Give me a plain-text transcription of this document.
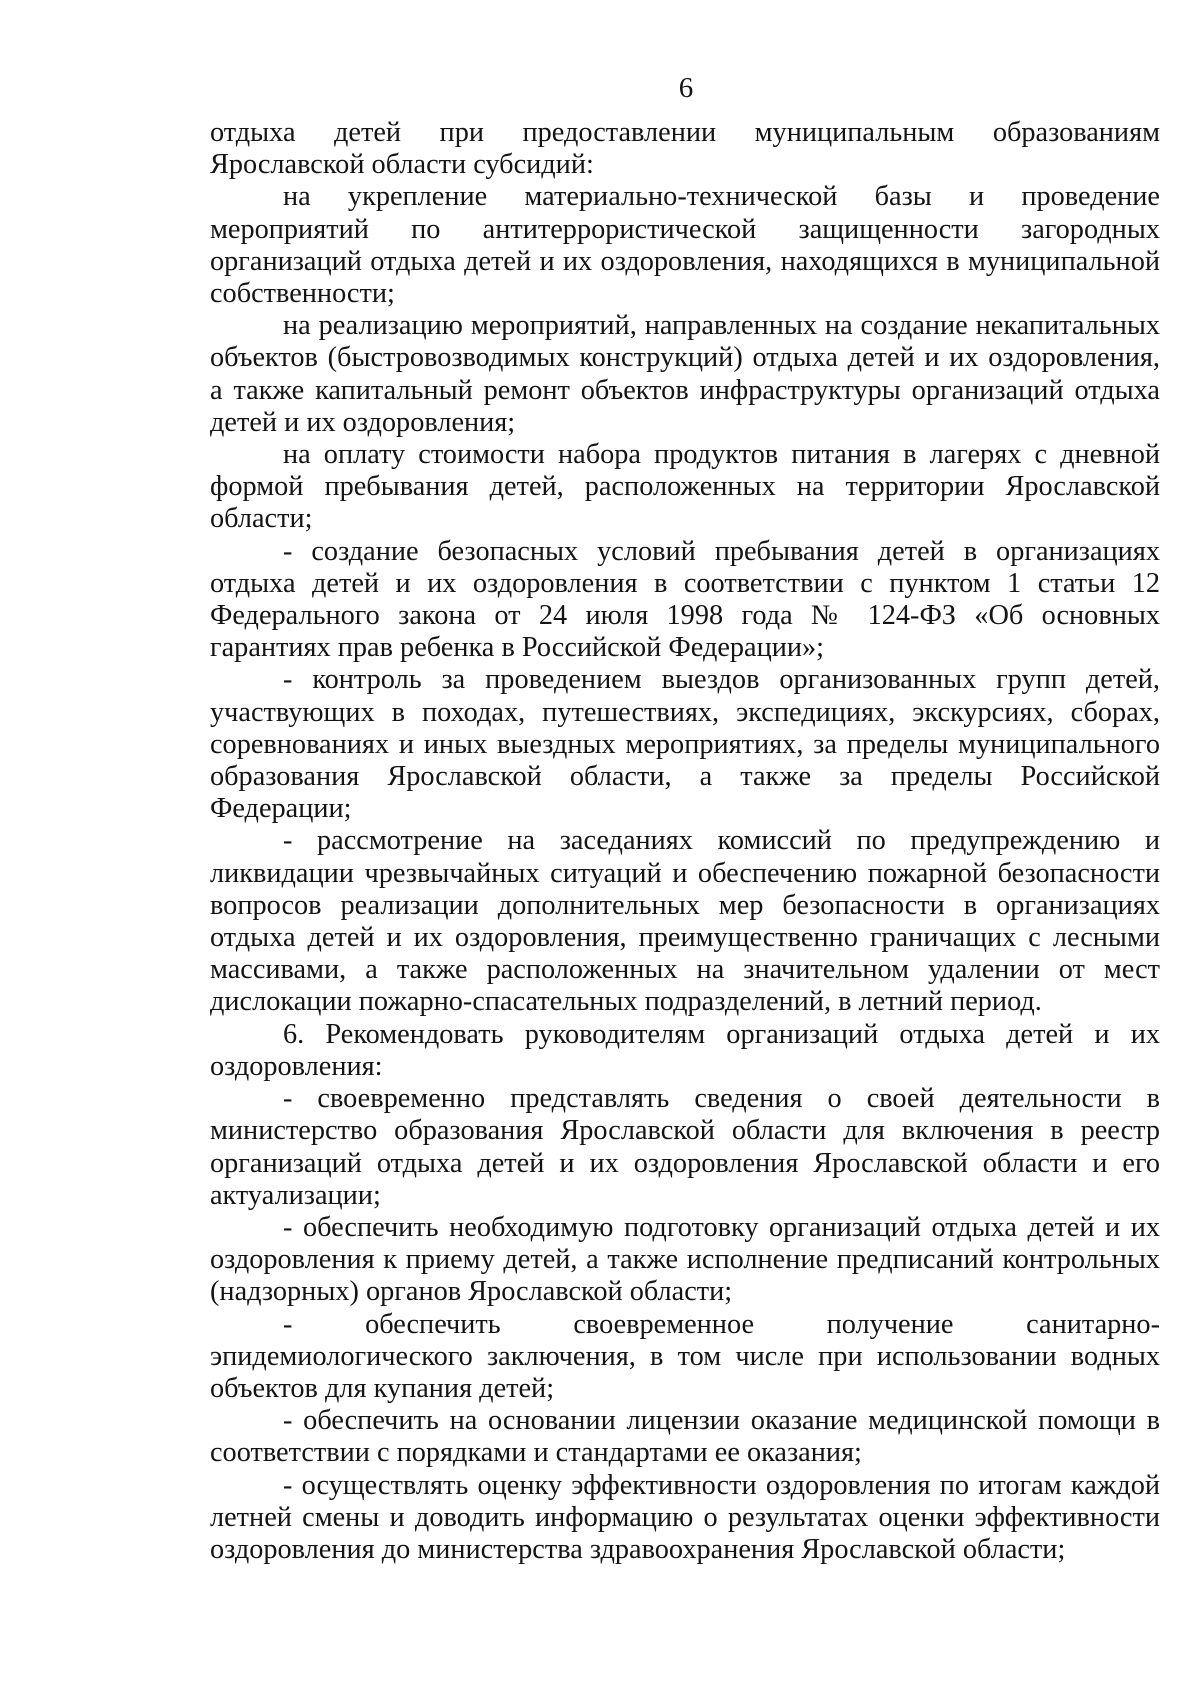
6

отдыха детей при предоставлении муниципальным образованиям Ярославской области субсидий:

на укрепление материально-технической базы и проведение мероприятий по антитеррористической защищенности загородных организаций отдыха детей и их оздоровления, находящихся в муниципальной собственности;

на реализацию мероприятий, направленных на создание некапитальных объектов (быстровозводимых конструкций) отдыха детей и их оздоровления, а также капитальный ремонт объектов инфраструктуры организаций отдыха детей и их оздоровления;

на оплату стоимости набора продуктов питания в лагерях с дневной формой пребывания детей, расположенных на территории Ярославской области;

- создание безопасных условий пребывания детей в организациях отдыха детей и их оздоровления в соответствии с пунктом 1 статьи 12 Федерального закона от 24 июля 1998 года № 124-ФЗ «Об основных гарантиях прав ребенка в Российской Федерации»;

- контроль за проведением выездов организованных групп детей, участвующих в походах, путешествиях, экспедициях, экскурсиях, сборах, соревнованиях и иных выездных мероприятиях, за пределы муниципального образования Ярославской области, а также за пределы Российской Федерации;

- рассмотрение на заседаниях комиссий по предупреждению и ликвидации чрезвычайных ситуаций и обеспечению пожарной безопасности вопросов реализации дополнительных мер безопасности в организациях отдыха детей и их оздоровления, преимущественно граничащих с лесными массивами, а также расположенных на значительном удалении от мест дислокации пожарно-спасательных подразделений, в летний период.

6. Рекомендовать руководителям организаций отдыха детей и их оздоровления:

- своевременно представлять сведения о своей деятельности в министерство образования Ярославской области для включения в реестр организаций отдыха детей и их оздоровления Ярославской области и его актуализации;

- обеспечить необходимую подготовку организаций отдыха детей и их оздоровления к приему детей, а также исполнение предписаний контрольных (надзорных) органов Ярославской области;

- обеспечить своевременное получение санитарно-эпидемиологического заключения, в том числе при использовании водных объектов для купания детей;

- обеспечить на основании лицензии оказание медицинской помощи в соответствии с порядками и стандартами ее оказания;

- осуществлять оценку эффективности оздоровления по итогам каждой летней смены и доводить информацию о результатах оценки эффективности оздоровления до министерства здравоохранения Ярославской области;
